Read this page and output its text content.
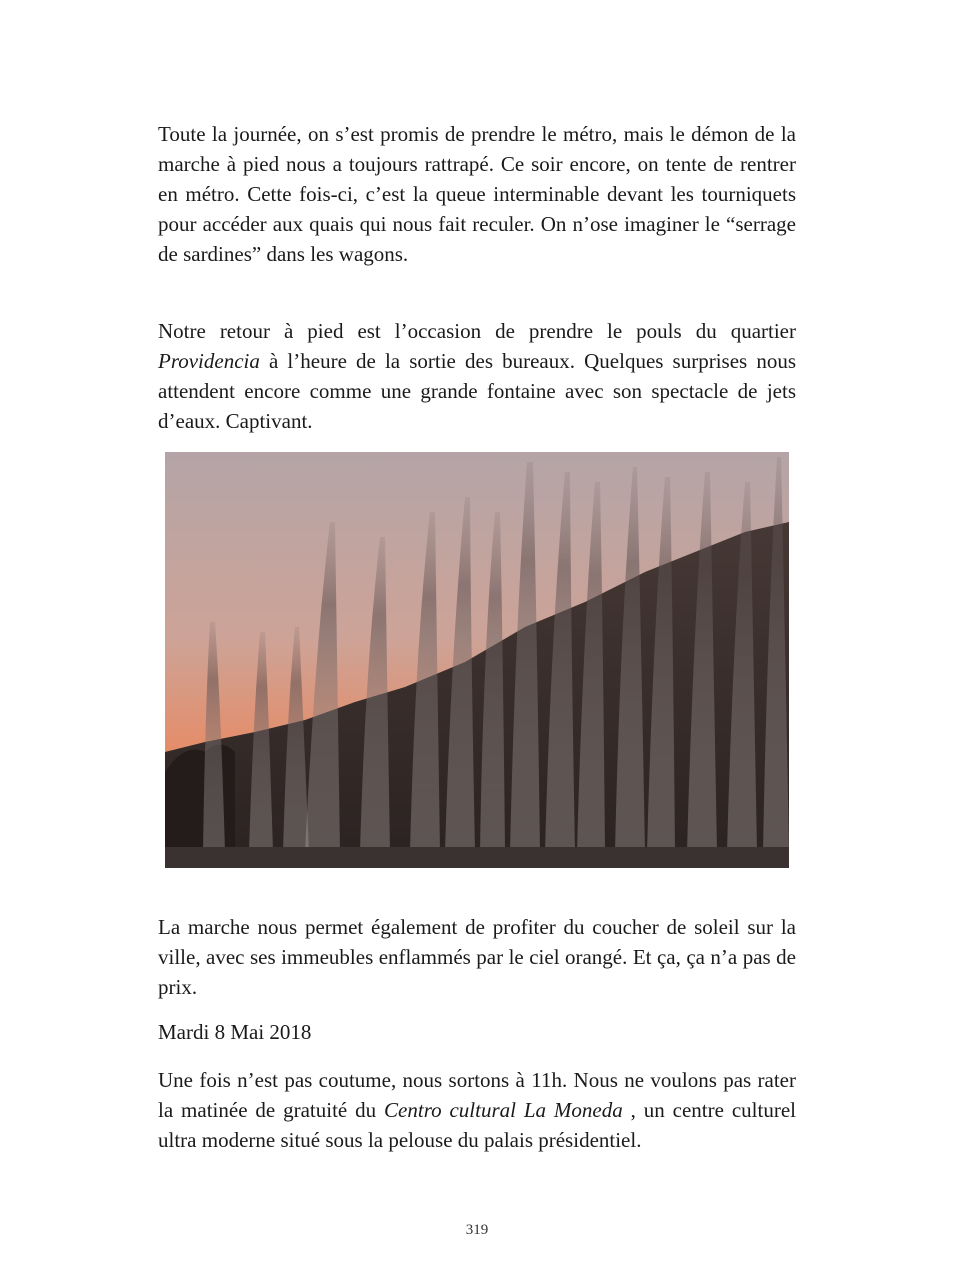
Toute la journée, on s’est promis de prendre le métro, mais le démon de la marche à pied nous a toujours rattrapé. Ce soir encore, on tente de rentrer en métro. Cette fois-ci, c’est la queue interminable devant les tourniquets pour accéder aux quais qui nous fait reculer. On n’ose imaginer le “serrage de sardines” dans les wagons.

Notre retour à pied est l’occasion de prendre le pouls du quartier Providencia à l’heure de la sortie des bureaux. Quelques surprises nous attendent encore comme une grande fontaine avec son spectacle de jets d’eaux. Captivant.

La marche nous permet également de profiter du coucher de soleil sur la ville, avec ses immeubles enflammés par le ciel orangé. Et ça, ça n’a pas de prix.

Mardi 8 Mai 2018

Une fois n’est pas coutume, nous sortons à 11h. Nous ne voulons pas rater la matinée de gratuité du Centro cultural La Moneda , un centre culturel ultra moderne situé sous la pelouse du palais présidentiel.

319
